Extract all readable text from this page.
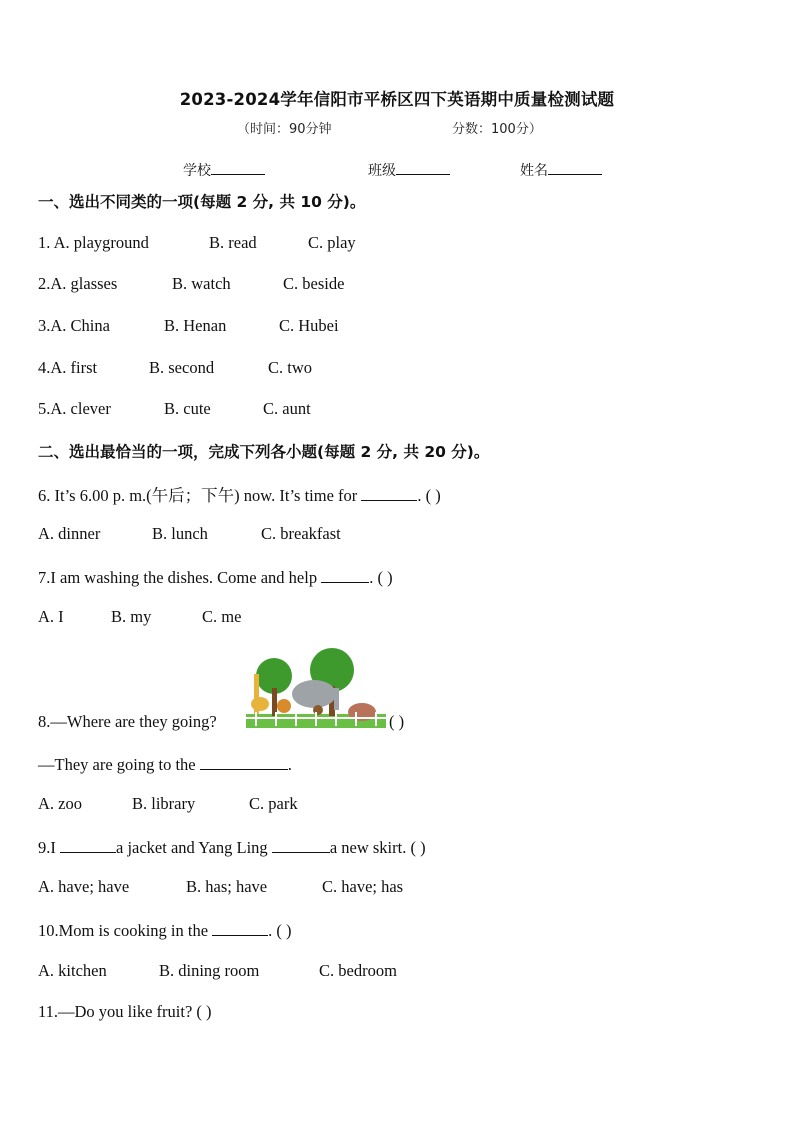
2023-2024学年信阳市平桥区四下英语期中质量检测试题
（时间：90分钟	分数：100分）
学校	班级	姓名
一、选出不同类的一项(每题 2 分, 共 10 分)。
1. A. playground	B. read	C. play
2.A. glasses	B. watch	C. beside
3.A. China	B. Henan	C. Hubei
4.A. first	B. second	C. two
5.A. clever	B. cute	C. aunt
二、选出最恰当的一项，完成下列各小题(每题 2 分, 共 20 分)。
6. It’s 6.00 p. m.(午后；下午) now. It’s time for	. ( )
A. dinner	B. lunch	C. breakfast
7.I am washing the dishes. Come and help	. ( )
A. I	B. my	C. me
8.—Where are they going?	( )
—They are going to the	.
A. zoo	B. library	C. park
9.I	a jacket and Yang Ling	a new skirt. ( )
A. have; have	B. has; have	C. have; has
10.Mom is cooking in the	. ( )
A. kitchen	B. dining room	C. bedroom
11.—Do you like fruit? ( )
